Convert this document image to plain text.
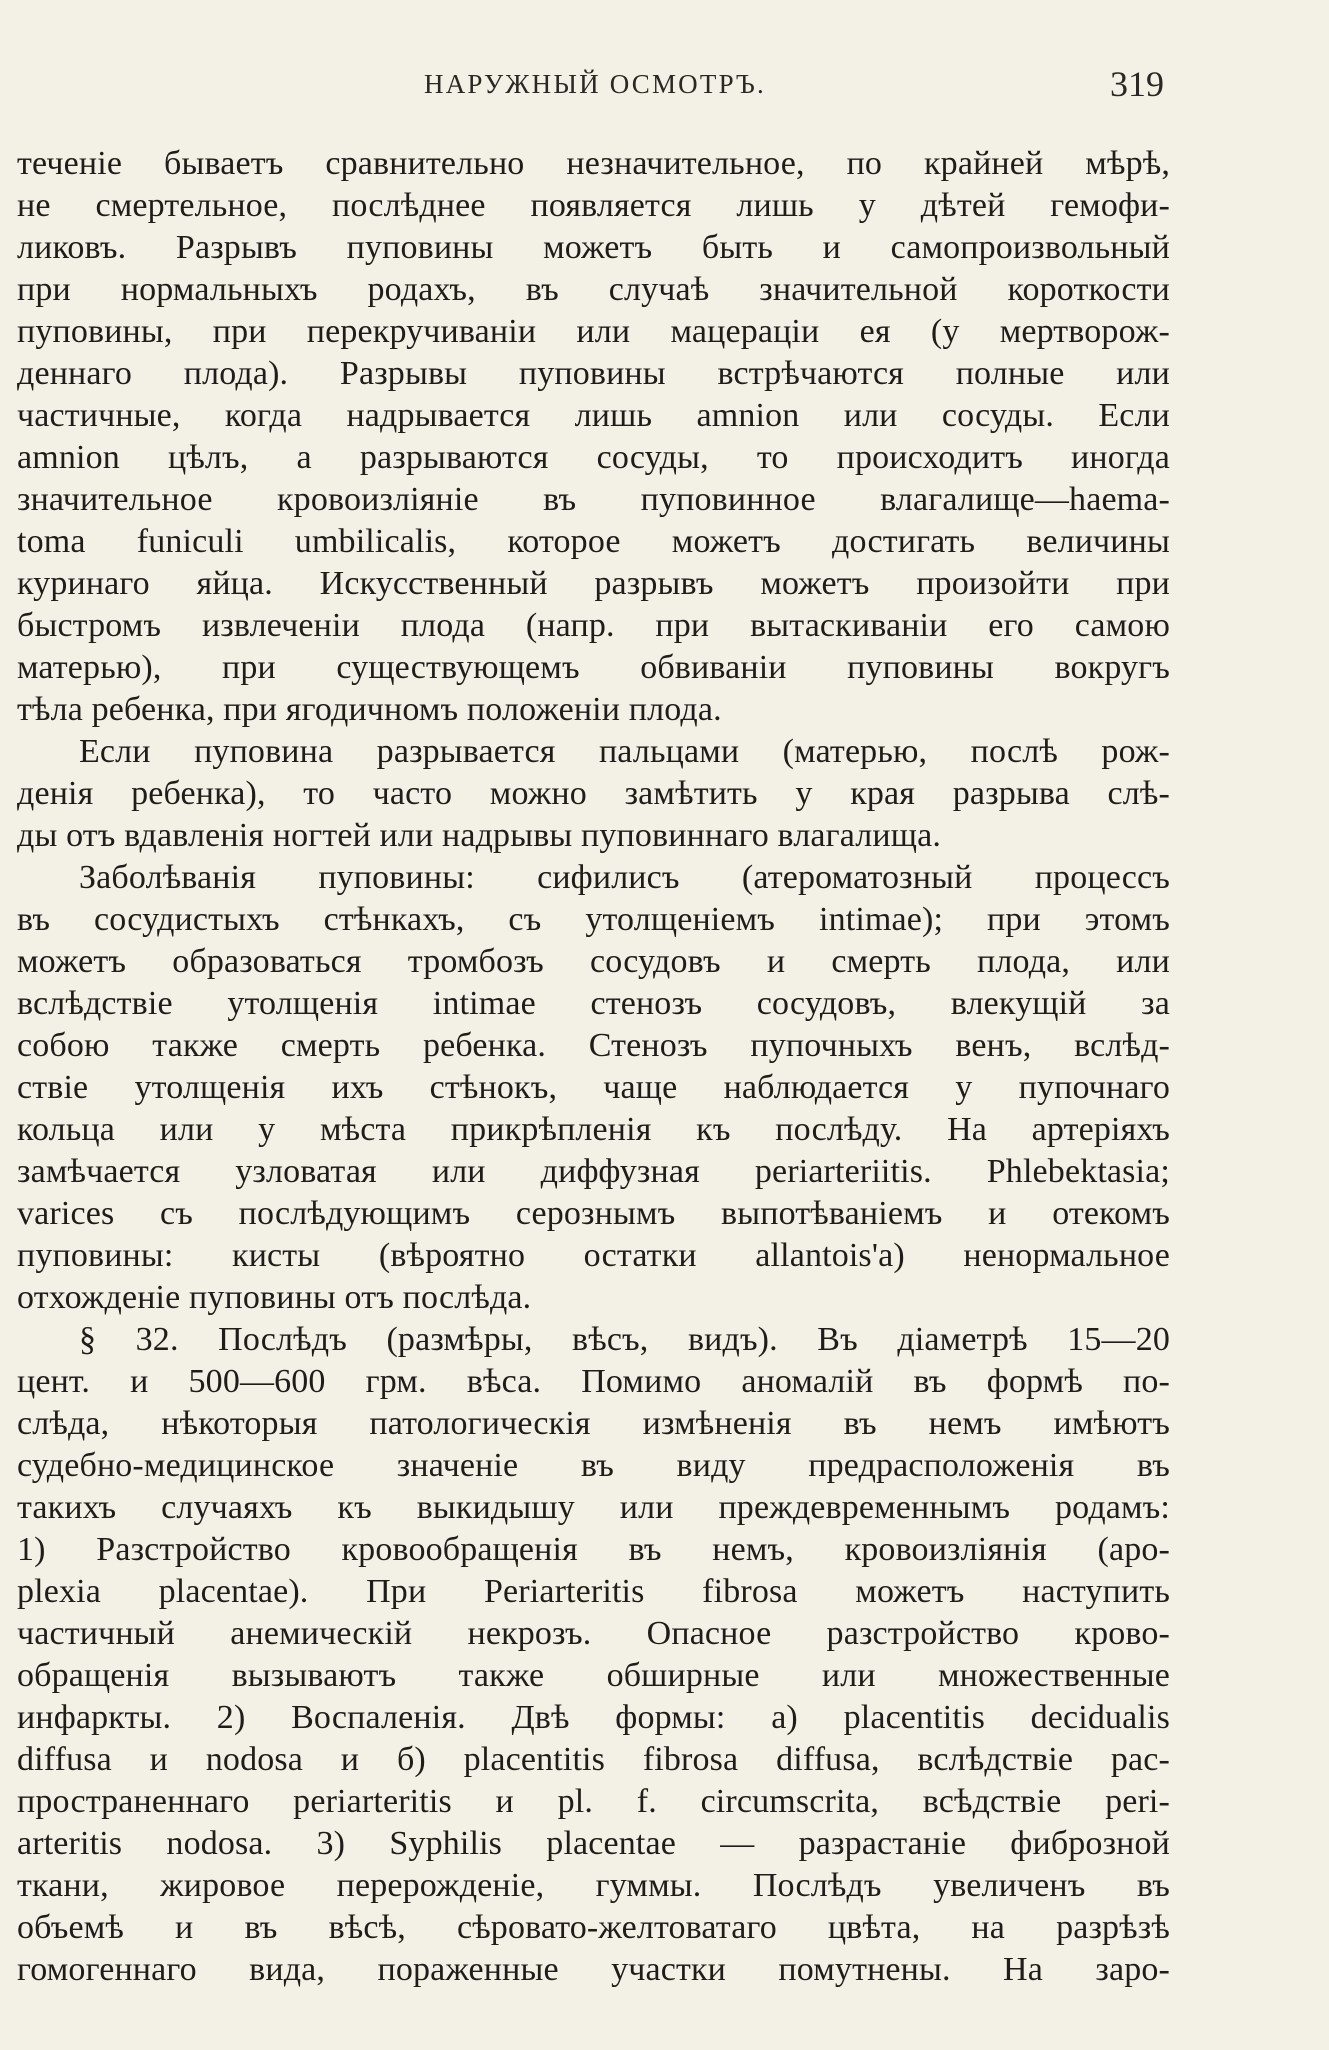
НАРУЖНЫЙ ОСМОТРЪ.	319
теченіе бываетъ сравнительно незначительное, по крайней мѣрѣ,
не смертельное, послѣднее появляется лишь у дѣтей гемофи-
ликовъ. Разрывъ пуповины можетъ быть и самопроизвольный
при нормальныхъ родахъ, въ случаѣ значительной короткости
пуповины, при перекручиваніи или мацераціи ея (у мертворож-
деннаго плода). Разрывы пуповины встрѣчаются полные или
частичные, когда надрывается лишь amnion или сосуды. Если
amnion цѣлъ, а разрываются сосуды, то происходитъ иногда
значительное кровоизліяніе въ пуповинное влагалище—haema-
toma funiculi umbilicalis, которое можетъ достигать величины
куринаго яйца. Искусственный разрывъ можетъ произойти при
быстромъ извлеченіи плода (напр. при вытаскиваніи его самою
матерью), при существующемъ обвиваніи пуповины вокругъ
тѣла ребенка, при ягодичномъ положеніи плода.
Если пуповина разрывается пальцами (матерью, послѣ рож-
денія ребенка), то часто можно замѣтить у края разрыва слѣ-
ды отъ вдавленія ногтей или надрывы пуповиннаго влагалища.
Заболѣванія пуповины: сифилисъ (атероматозный процессъ
въ сосудистыхъ стѣнкахъ, съ утолщеніемъ intimae); при этомъ
можетъ образоваться тромбозъ сосудовъ и смерть плода, или
вслѣдствіе утолщенія intimae стенозъ сосудовъ, влекущій за
собою также смерть ребенка. Стенозъ пупочныхъ венъ, вслѣд-
ствіе утолщенія ихъ стѣнокъ, чаще наблюдается у пупочнаго
кольца или у мѣста прикрѣпленія къ послѣду. На артеріяхъ
замѣчается узловатая или диффузная periarteriitis. Phlebektasia;
varices съ послѣдующимъ серознымъ выпотѣваніемъ и отекомъ
пуповины: кисты (вѣроятно остатки allantois'a) ненормальное
отхожденіе пуповины отъ послѣда.
§ 32. Послѣдъ (размѣры, вѣсъ, видъ). Въ діаметрѣ 15—20
цент. и 500—600 грм. вѣса. Помимо аномалій въ формѣ по-
слѣда, нѣкоторыя патологическія измѣненія въ немъ имѣютъ
судебно-медицинское значеніе въ виду предрасположенія въ
такихъ случаяхъ къ выкидышу или преждевременнымъ родамъ:
1) Разстройство кровообращенія въ немъ, кровоизліянія (apo-
plexia placentae). При Periarteritis fibrosa можетъ наступить
частичный анемическій некрозъ. Опасное разстройство крово-
обращенія вызываютъ также обширные или множественные
инфаркты. 2) Воспаленія. Двѣ формы: a) placentitis decidualis
diffusa и nodosa и б) placentitis fibrosa diffusa, вслѣдствіе рас-
пространеннаго periarteritis и pl. f. circumscrita, всѣдствіе peri-
arteritis nodosa. 3) Syphilis placentae — разрастаніе фиброзной
ткани, жировое перерожденіе, гуммы. Послѣдъ увеличенъ въ
объемѣ и въ вѣсѣ, сѣровато-желтоватаго цвѣта, на разрѣзѣ
гомогеннаго вида, пораженные участки помутнены. На заро-
